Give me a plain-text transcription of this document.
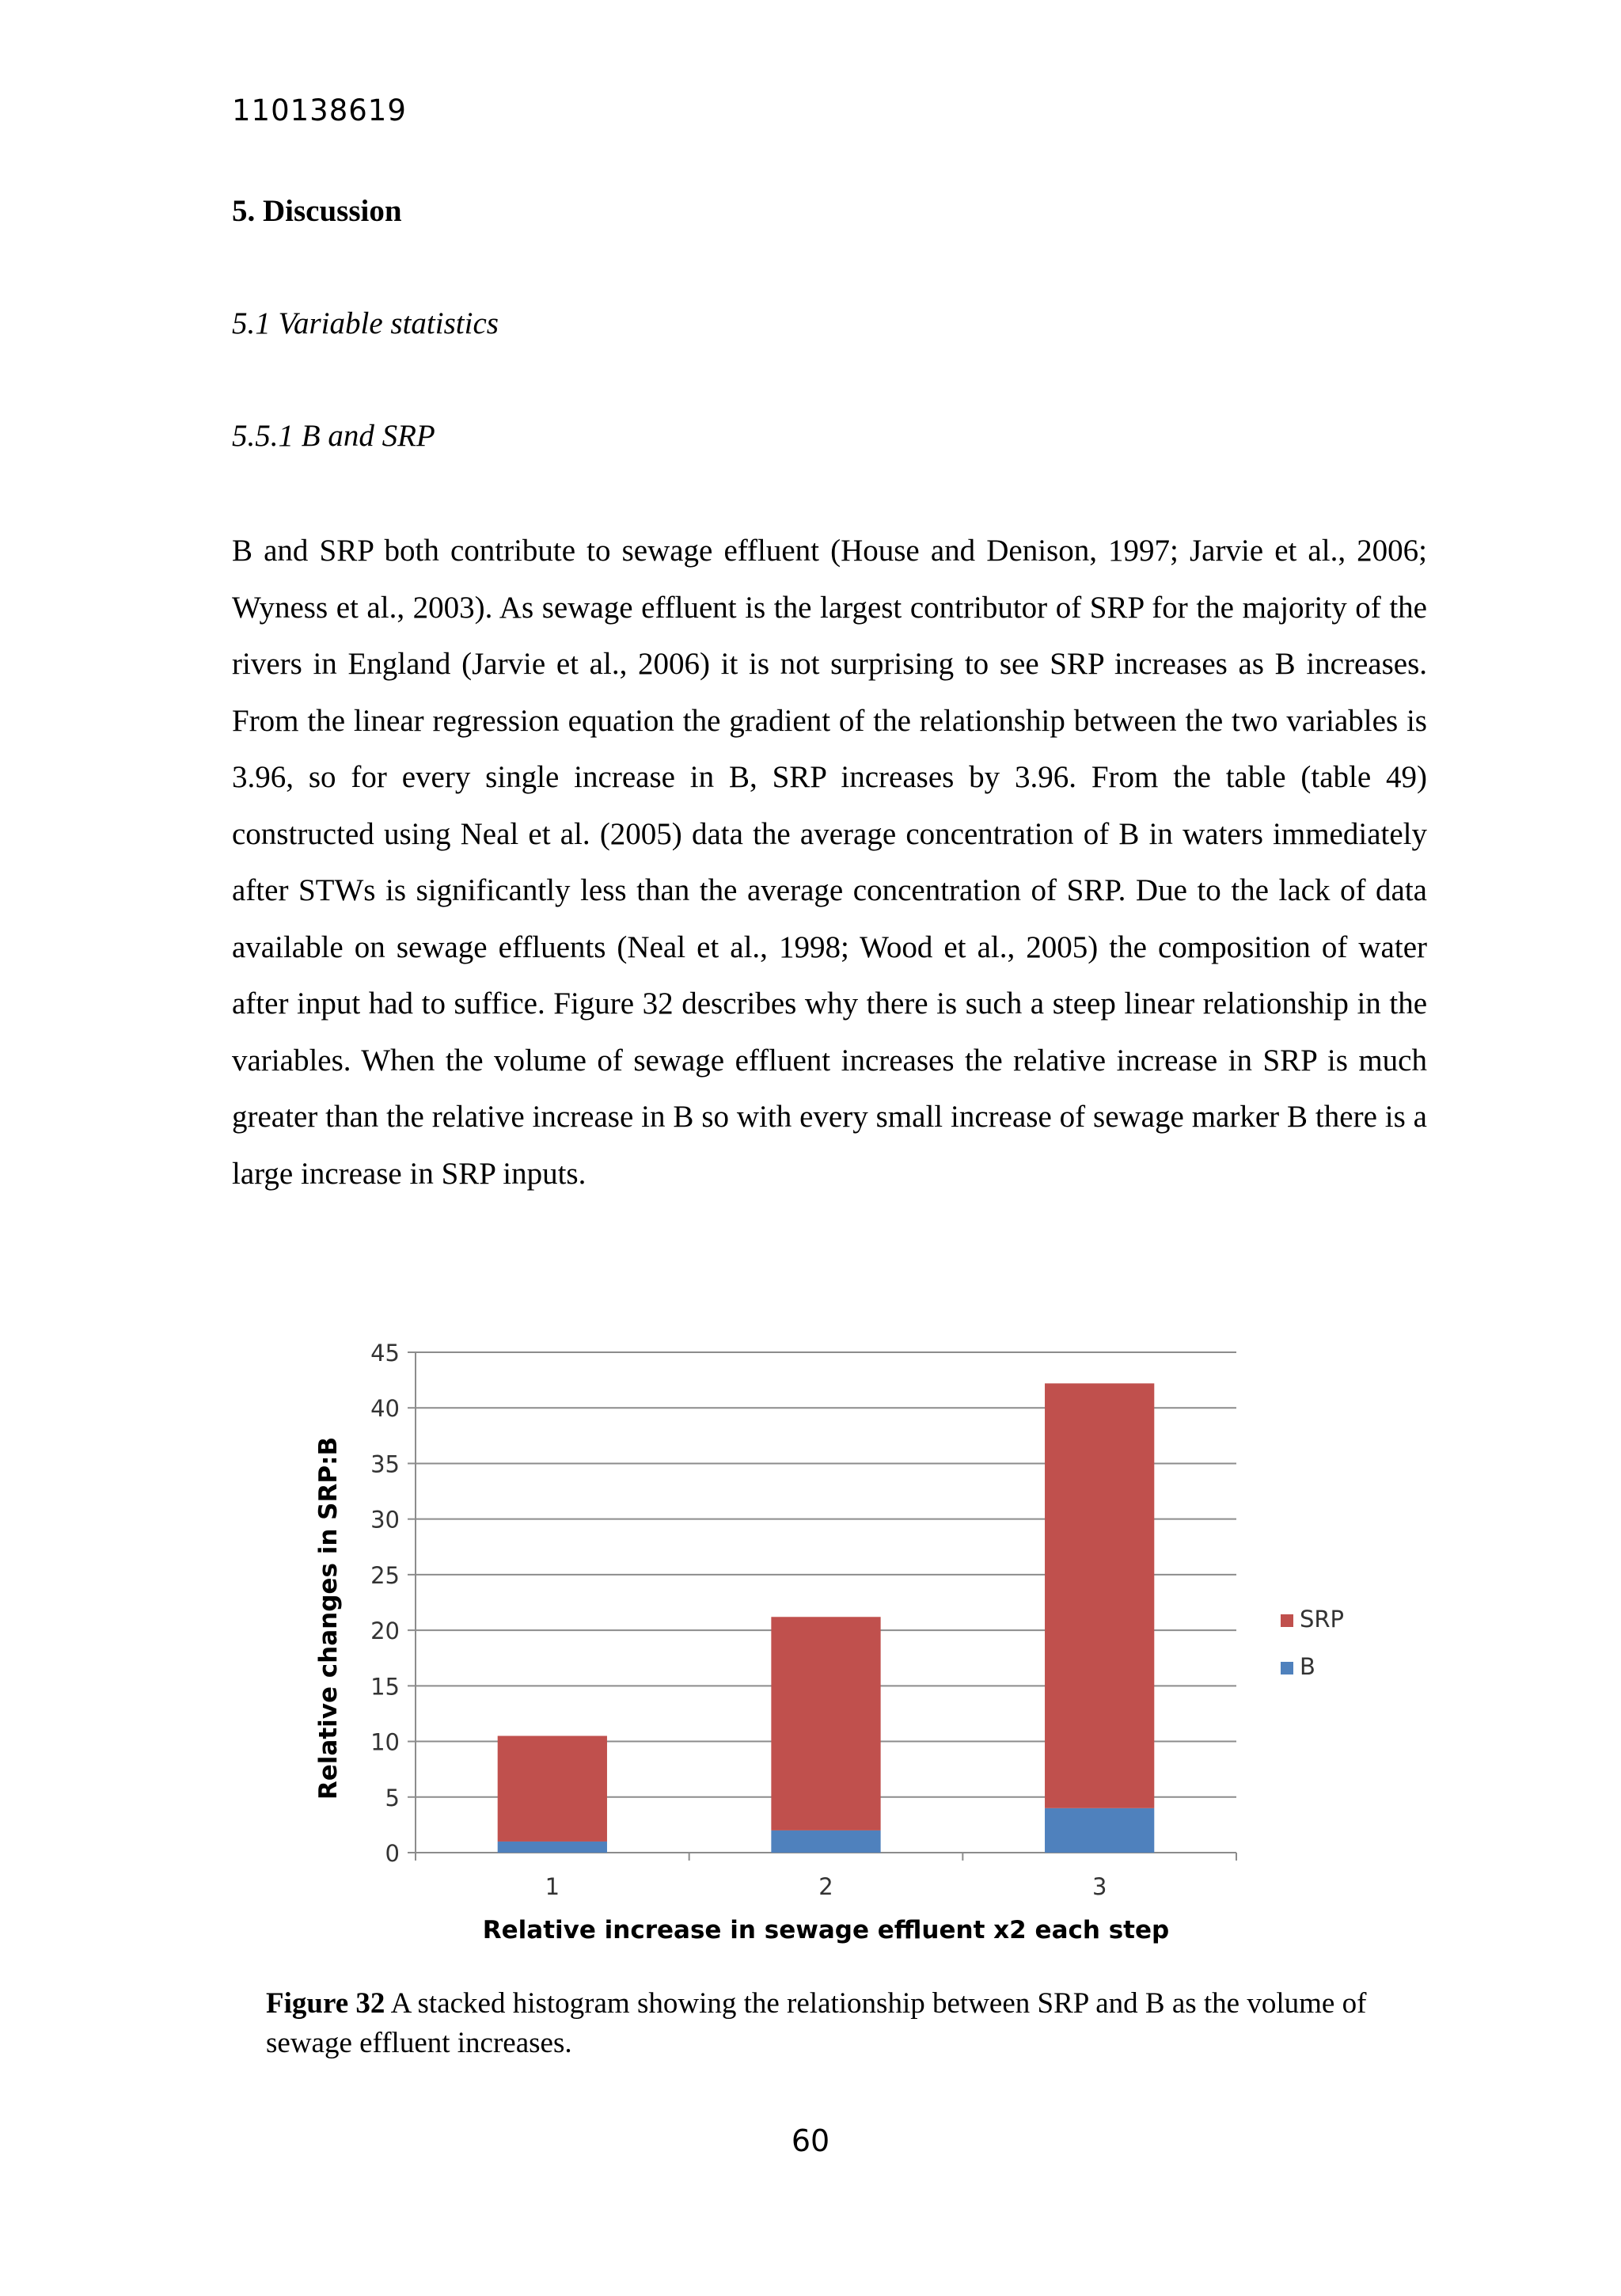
110138619
5. Discussion
5.1 Variable statistics
5.5.1 B and SRP

B and SRP both contribute to sewage effluent (House and Denison, 1997; Jarvie et al., 2006; Wyness et al., 2003). As sewage effluent is the largest contributor of SRP for the majority of the rivers in England (Jarvie et al., 2006) it is not surprising to see SRP increases as B increases. From the linear regression equation the gradient of the relationship between the two variables is 3.96, so for every single increase in B, SRP increases by 3.96. From the table (table 49) constructed using Neal et al. (2005) data the average concentration of B in waters immediately after STWs is significantly less than the average concentration of SRP. Due to the lack of data available on sewage effluents (Neal et al., 1998; Wood et al., 2005) the composition of water after input had to suffice. Figure 32 describes why there is such a steep linear relationship in the variables. When the volume of sewage effluent increases the relative increase in SRP is much greater than the relative increase in B so with every small increase of sewage marker B there is a large increase in SRP inputs.

0
5
10
15
20
25
30
35
40
45
1	2	3
Relative increase in sewage effluent x2 each step
Relative changes in SRP:B	SRP
B

Figure 32 A stacked histogram showing the relationship between SRP and B as the volume of sewage effluent increases.

60
